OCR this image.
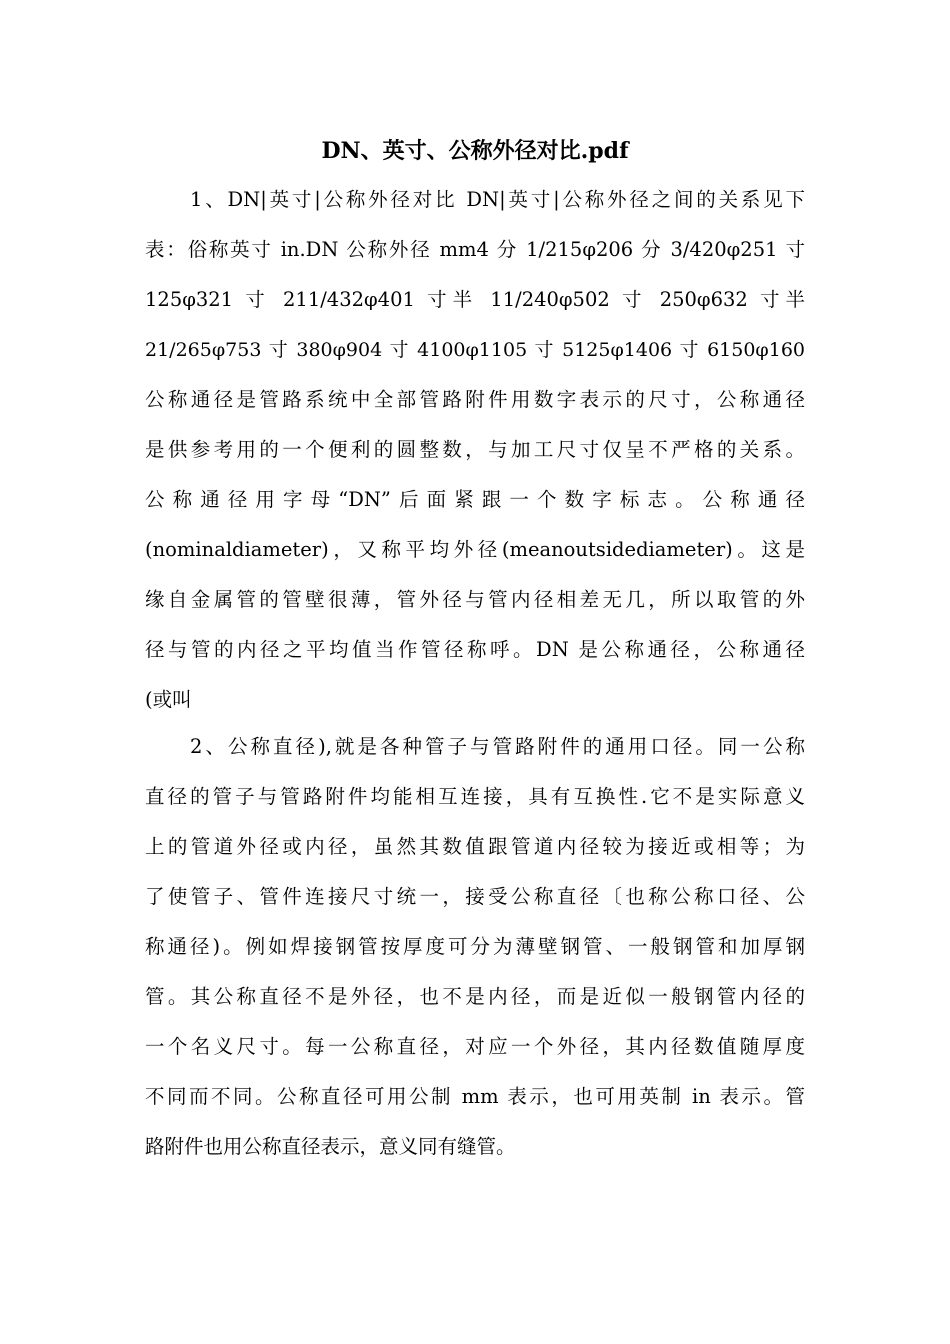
DN、英寸、公称外径对比.pdf
1、DN|英寸|公称外径对比 DN|英寸|公称外径之间的关系见下
表：俗称英寸 in.DN 公称外径 mm4 分 1/215φ206 分 3/420φ251 寸
125φ321 寸 211/432φ401 寸半 11/240φ502 寸 250φ632 寸半
21/265φ753 寸 380φ904 寸 4100φ1105 寸 5125φ1406 寸 6150φ160
公称通径是管路系统中全部管路附件用数字表示的尺寸，公称通径
是供参考用的一个便利的圆整数，与加工尺寸仅呈不严格的关系。
公称通径用字母“DN”后面紧跟一个数字标志。公称通径
(nominaldiameter)，又称平均外径(meanoutsidediameter)。这是
缘自金属管的管壁很薄，管外径与管内径相差无几，所以取管的外
径与管的内径之平均值当作管径称呼。DN 是公称通径，公称通径
(或叫
2、公称直径),就是各种管子与管路附件的通用口径。同一公称
直径的管子与管路附件均能相互连接，具有互换性.它不是实际意义
上的管道外径或内径，虽然其数值跟管道内径较为接近或相等；为
了使管子、管件连接尺寸统一，接受公称直径〔也称公称口径、公
称通径)。例如焊接钢管按厚度可分为薄壁钢管、一般钢管和加厚钢
管。其公称直径不是外径，也不是内径，而是近似一般钢管内径的
一个名义尺寸。每一公称直径，对应一个外径，其内径数值随厚度
不同而不同。公称直径可用公制 mm 表示，也可用英制 in 表示。管
路附件也用公称直径表示，意义同有缝管。
